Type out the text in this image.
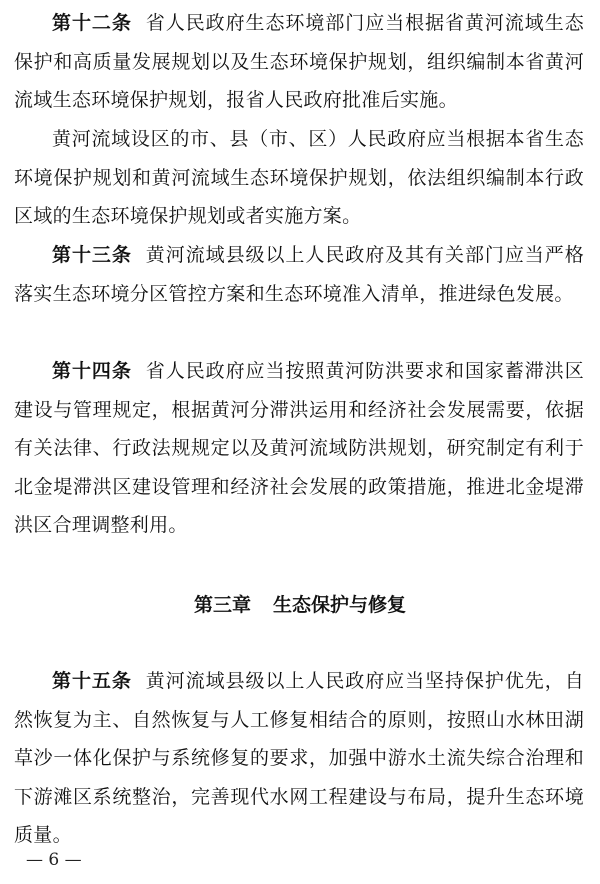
第十二条 省人民政府生态环境部门应当根据省黄河流域生态保护和高质量发展规划以及生态环境保护规划，组织编制本省黄河流域生态环境保护规划，报省人民政府批准后实施。

黄河流域设区的市、县（市、区）人民政府应当根据本省生态环境保护规划和黄河流域生态环境保护规划，依法组织编制本行政区域的生态环境保护规划或者实施方案。

第十三条 黄河流域县级以上人民政府及其有关部门应当严格落实生态环境分区管控方案和生态环境准入清单，推进绿色发展。

第十四条 省人民政府应当按照黄河防洪要求和国家蓄滞洪区建设与管理规定，根据黄河分滞洪运用和经济社会发展需要，依据有关法律、行政法规规定以及黄河流域防洪规划，研究制定有利于北金堤滞洪区建设管理和经济社会发展的政策措施，推进北金堤滞洪区合理调整利用。

第三章 生态保护与修复

第十五条 黄河流域县级以上人民政府应当坚持保护优先，自然恢复为主、自然恢复与人工修复相结合的原则，按照山水林田湖草沙一体化保护与系统修复的要求，加强中游水土流失综合治理和下游滩区系统整治，完善现代水网工程建设与布局，提升生态环境质量。

— 6 —
